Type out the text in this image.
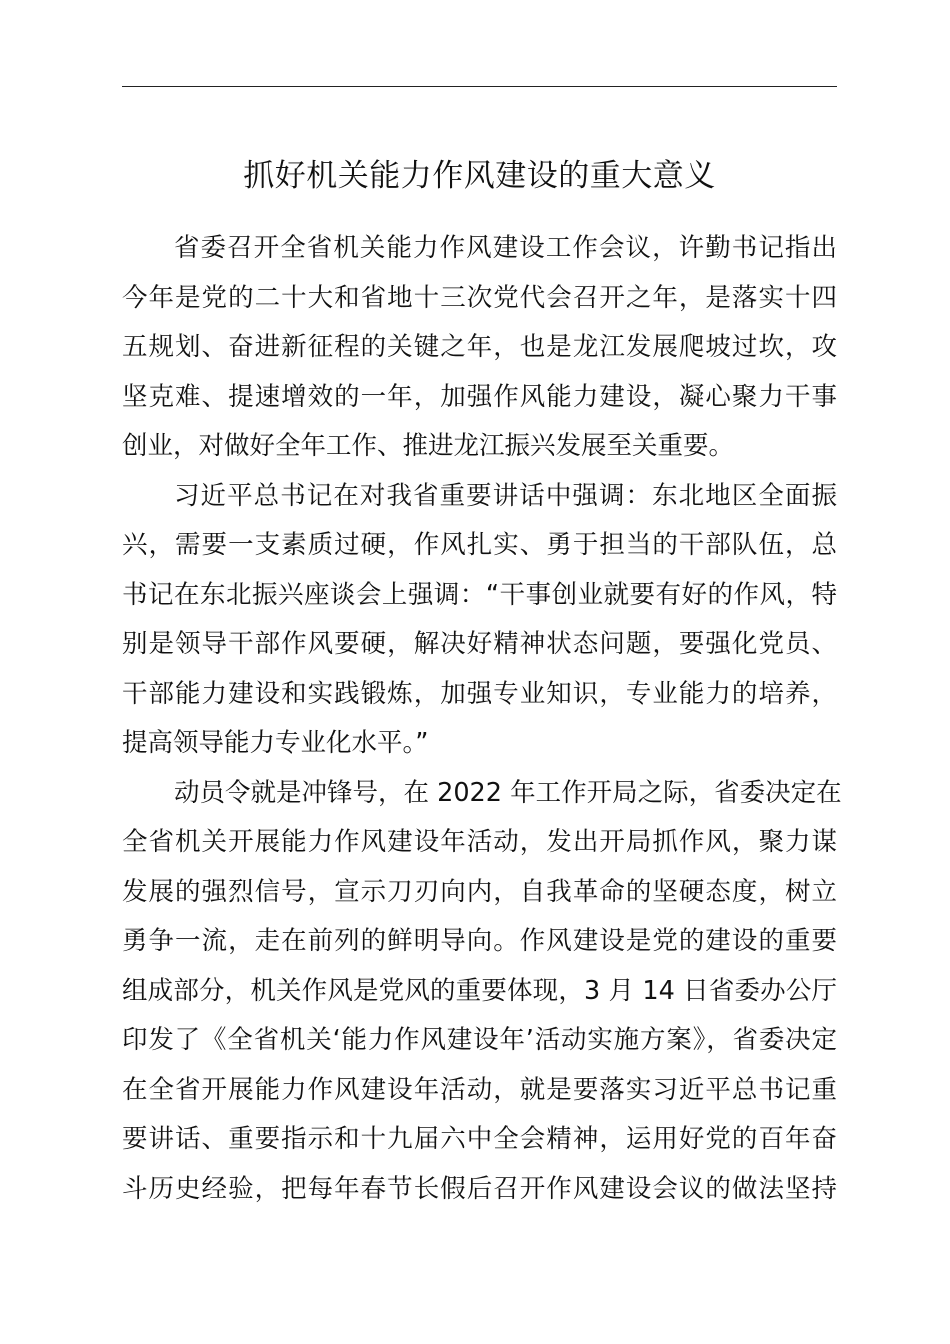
抓好机关能力作风建设的重大意义

省委召开全省机关能力作风建设工作会议，许勤书记指出

今年是党的二十大和省地十三次党代会召开之年，是落实十四

五规划、奋进新征程的关键之年，也是龙江发展爬坡过坎，攻

坚克难、提速增效的一年，加强作风能力建设，凝心聚力干事

创业，对做好全年工作、推进龙江振兴发展至关重要。

习近平总书记在对我省重要讲话中强调：东北地区全面振

兴，需要一支素质过硬，作风扎实、勇于担当的干部队伍，总

书记在东北振兴座谈会上强调：“干事创业就要有好的作风，特

别是领导干部作风要硬，解决好精神状态问题，要强化党员、

干部能力建设和实践锻炼，加强专业知识，专业能力的培养，

提高领导能力专业化水平。”

动员令就是冲锋号，在 2022 年工作开局之际，省委决定在

全省机关开展能力作风建设年活动，发出开局抓作风，聚力谋

发展的强烈信号，宣示刀刃向内，自我革命的坚硬态度，树立

勇争一流，走在前列的鲜明导向。作风建设是党的建设的重要

组成部分，机关作风是党风的重要体现，3 月 14 日省委办公厅

印发了《全省机关‘能力作风建设年’活动实施方案》，省委决定

在全省开展能力作风建设年活动，就是要落实习近平总书记重

要讲话、重要指示和十九届六中全会精神，运用好党的百年奋

斗历史经验，把每年春节长假后召开作风建设会议的做法坚持
